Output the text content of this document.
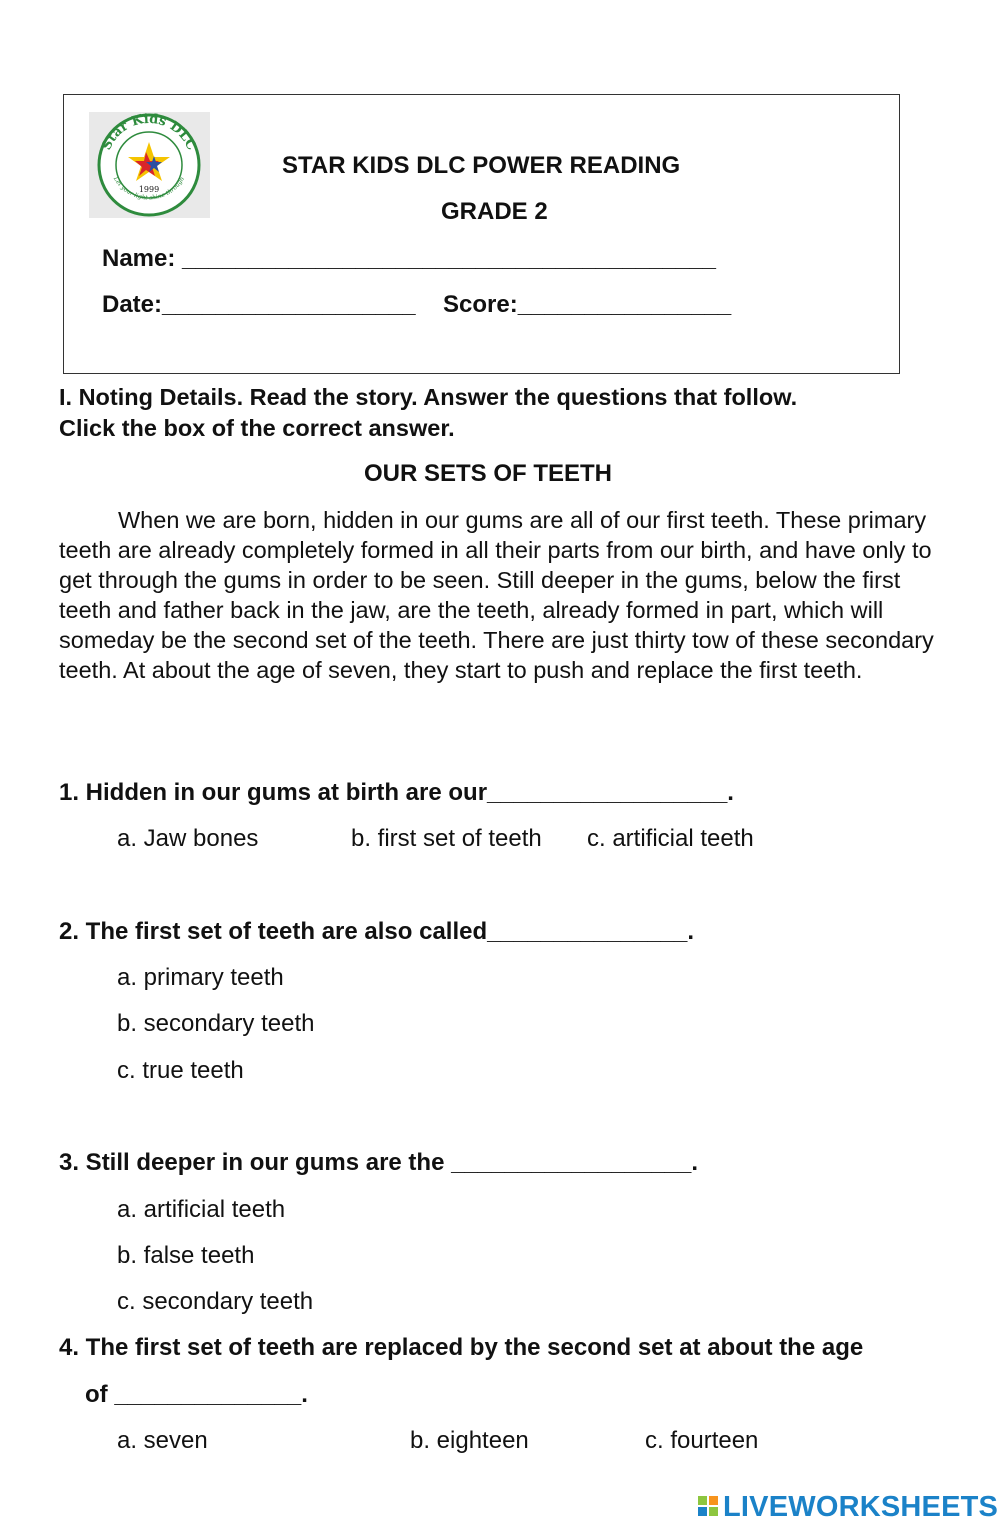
Star Kids DLC
Let your light shine through
1999
STAR KIDS DLC POWER READING
GRADE 2
Name: ________________________________________
Date:___________________ Score:________________
I. Noting Details. Read the story. Answer the questions that follow.
Click the box of the correct answer.
OUR SETS OF TEETH
When we are born, hidden in our gums are all of our first teeth. These primary teeth are already completely formed in all their parts from our birth, and have only to get through the gums in order to be seen. Still deeper in the gums, below the first teeth and father back in the jaw, are the teeth, already formed in part, which will someday be the second set of the teeth. There are just thirty tow of these secondary teeth. At about the age of seven, they start to push and replace the first teeth.
1. Hidden in our gums at birth are our__________________.
a. Jaw bones	b. first set of teeth c. artificial teeth
2. The first set of teeth are also called_______________.
a. primary teeth
b. secondary teeth
c. true teeth
3. Still deeper in our gums are the __________________.
a. artificial teeth
b. false teeth
c. secondary teeth
4. The first set of teeth are replaced by the second set at about the age
of ______________.
a. seven	b. eighteen	c. fourteen
LIVEWORKSHEETS
